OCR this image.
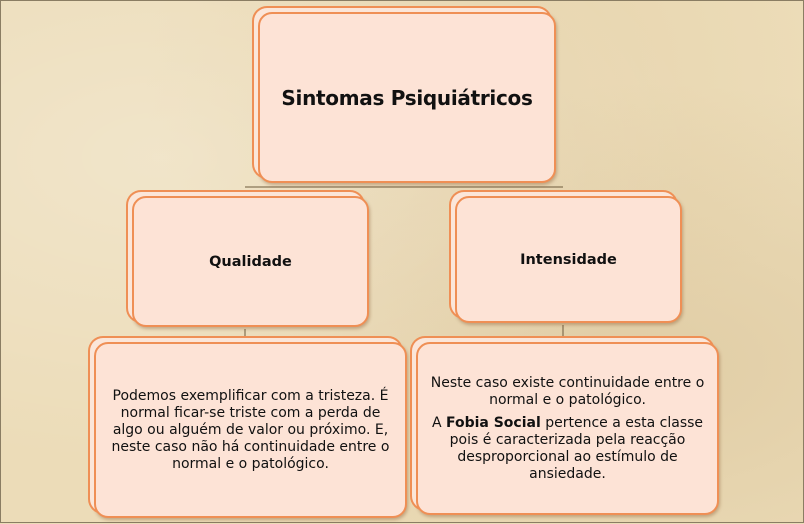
Sintomas Psiquiátricos
Qualidade	Intensidade
Podemos exemplificar com a tristeza. É normal ficar-se triste com a perda de algo ou alguém de valor ou próximo. E, neste caso não há continuidade entre o normal e o patológico.

Neste caso existe continuidade entre o normal e o patológico.

A Fobia Social pertence a esta classe pois é caracterizada pela reacção desproporcional ao estímulo de ansiedade.
